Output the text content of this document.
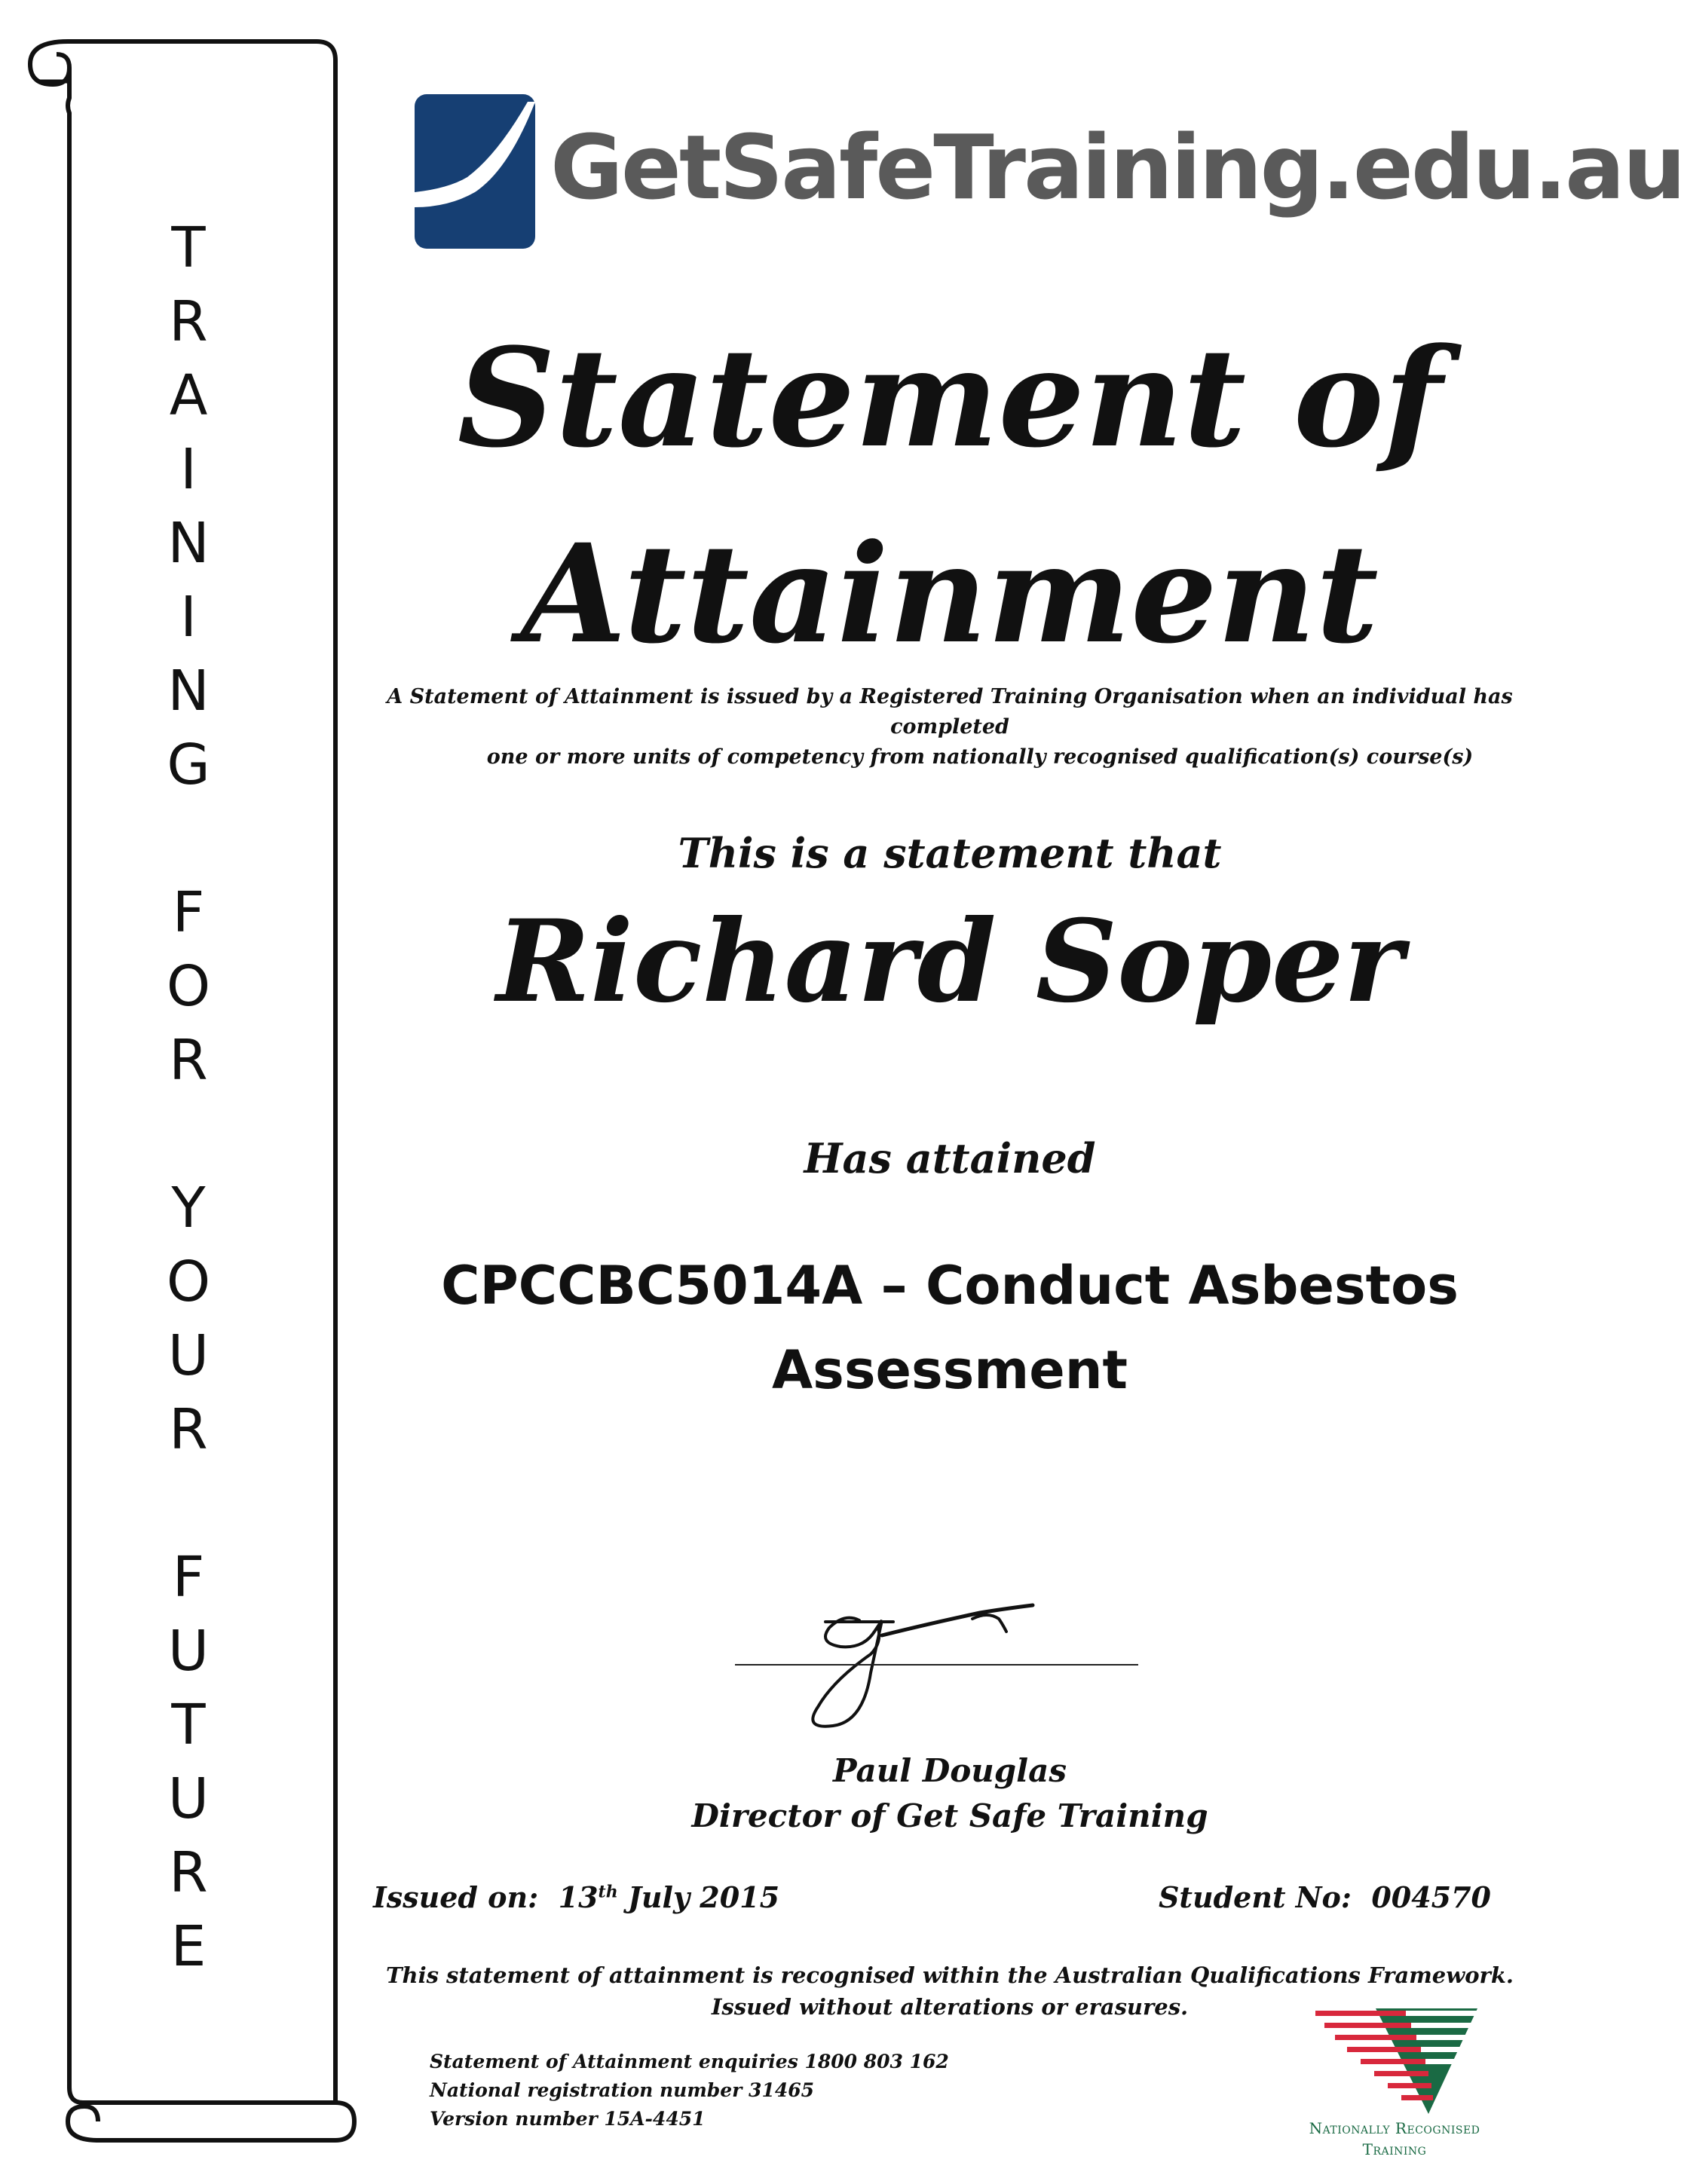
T
R
A
I
N
I
N
G
F
O
R
Y
O
U
R
F
U
T
U
R
E
GetSafeTraining.edu.au
Statement of
Attainment
A Statement of Attainment is issued by a Registered Training Organisation when an individual has completed
one or more units of competency from nationally recognised qualification(s) course(s)
This is a statement that
Richard Soper
Has attained
CPCCBC5014A – Conduct Asbestos
Assessment
Paul Douglas
Director of Get Safe Training
Issued on: 13th July 2015	Student No: 004570
This statement of attainment is recognised within the Australian Qualifications Framework.
Issued without alterations or erasures.
Statement of Attainment enquiries 1800 803 162
National registration number 31465
Version number 15A-4451	Nationally Recognised
Training
